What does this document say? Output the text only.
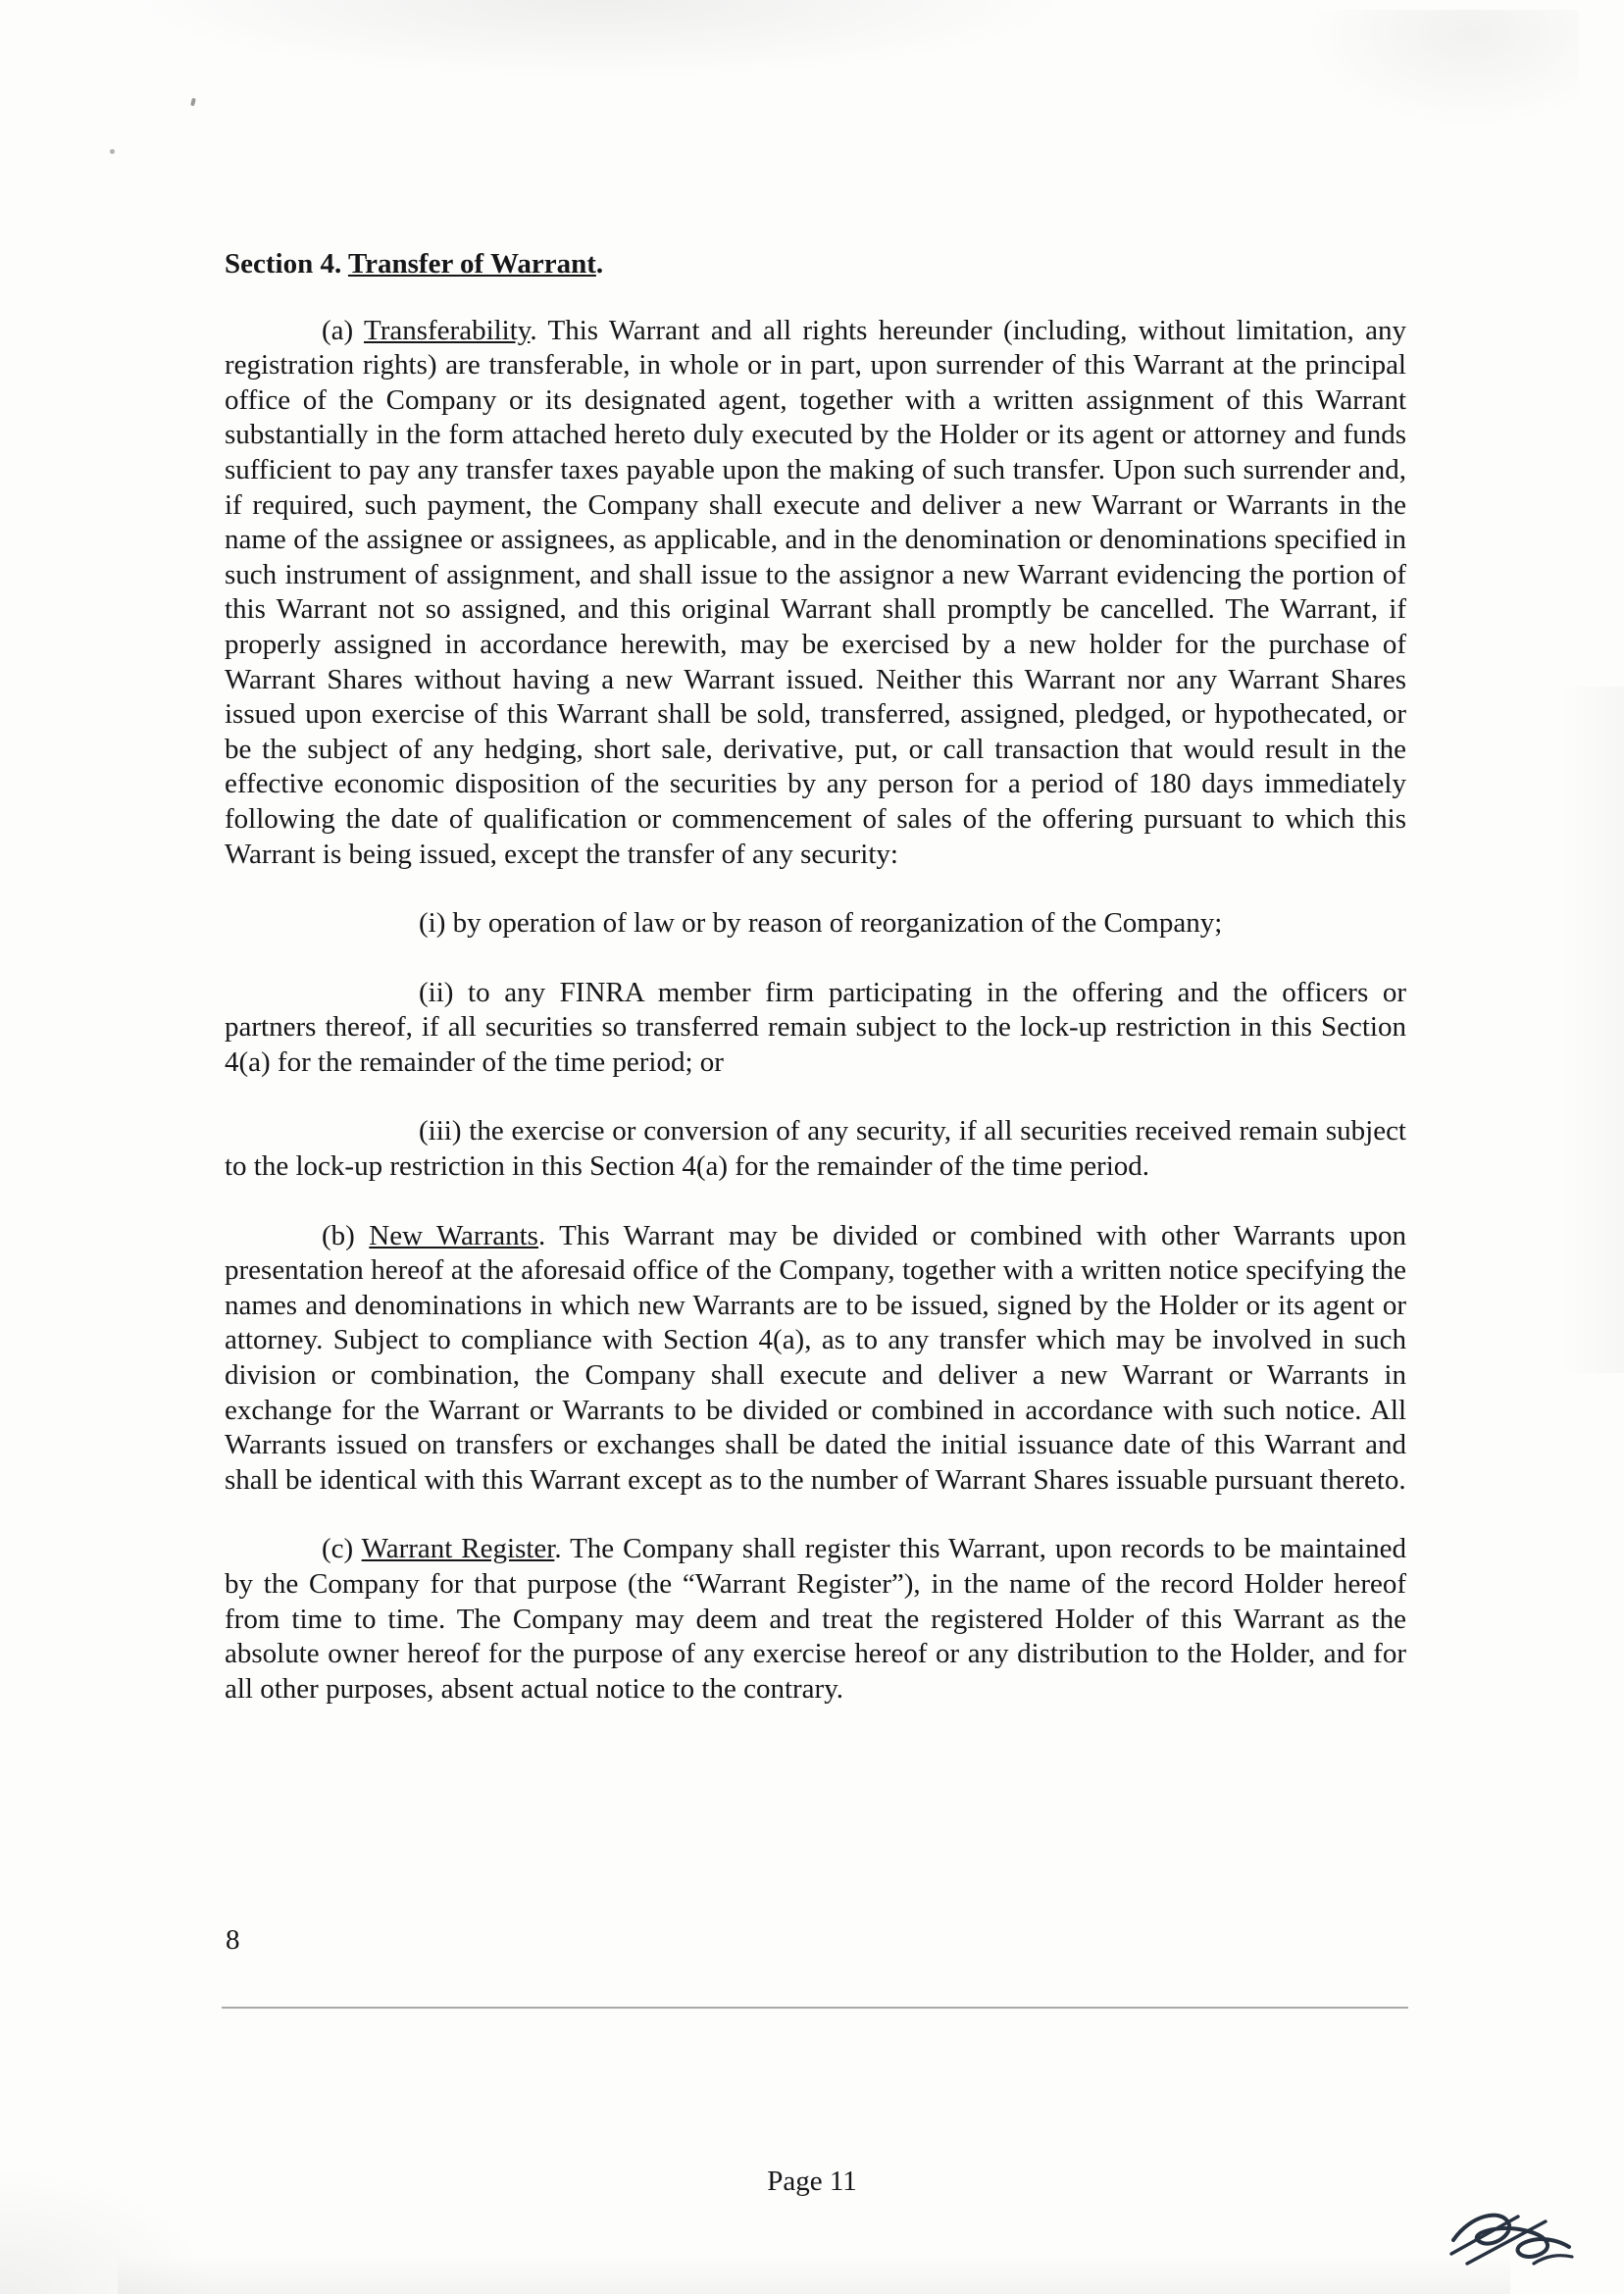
Section 4. Transfer of Warrant.

(a) Transferability. This Warrant and all rights hereunder (including, without limitation, any registration rights) are transferable, in whole or in part, upon surrender of this Warrant at the principal office of the Company or its designated agent, together with a written assignment of this Warrant substantially in the form attached hereto duly executed by the Holder or its agent or attorney and funds sufficient to pay any transfer taxes payable upon the making of such transfer. Upon such surrender and, if required, such payment, the Company shall execute and deliver a new Warrant or Warrants in the name of the assignee or assignees, as applicable, and in the denomination or denominations specified in such instrument of assignment, and shall issue to the assignor a new Warrant evidencing the portion of this Warrant not so assigned, and this original Warrant shall promptly be cancelled. The Warrant, if properly assigned in accordance herewith, may be exercised by a new holder for the purchase of Warrant Shares without having a new Warrant issued. Neither this Warrant nor any Warrant Shares issued upon exercise of this Warrant shall be sold, transferred, assigned, pledged, or hypothecated, or be the subject of any hedging, short sale, derivative, put, or call transaction that would result in the effective economic disposition of the securities by any person for a period of 180 days immediately following the date of qualification or commencement of sales of the offering pursuant to which this Warrant is being issued, except the transfer of any security:

(i) by operation of law or by reason of reorganization of the Company;

(ii) to any FINRA member firm participating in the offering and the officers or partners thereof, if all securities so transferred remain subject to the lock-up restriction in this Section 4(a) for the remainder of the time period; or

(iii) the exercise or conversion of any security, if all securities received remain subject to the lock-up restriction in this Section 4(a) for the remainder of the time period.

(b) New Warrants. This Warrant may be divided or combined with other Warrants upon presentation hereof at the aforesaid office of the Company, together with a written notice specifying the names and denominations in which new Warrants are to be issued, signed by the Holder or its agent or attorney. Subject to compliance with Section 4(a), as to any transfer which may be involved in such division or combination, the Company shall execute and deliver a new Warrant or Warrants in exchange for the Warrant or Warrants to be divided or combined in accordance with such notice. All Warrants issued on transfers or exchanges shall be dated the initial issuance date of this Warrant and shall be identical with this Warrant except as to the number of Warrant Shares issuable pursuant thereto.

(c) Warrant Register. The Company shall register this Warrant, upon records to be maintained by the Company for that purpose (the “Warrant Register”), in the name of the record Holder hereof from time to time. The Company may deem and treat the registered Holder of this Warrant as the absolute owner hereof for the purpose of any exercise hereof or any distribution to the Holder, and for all other purposes, absent actual notice to the contrary.

8
Page 11
